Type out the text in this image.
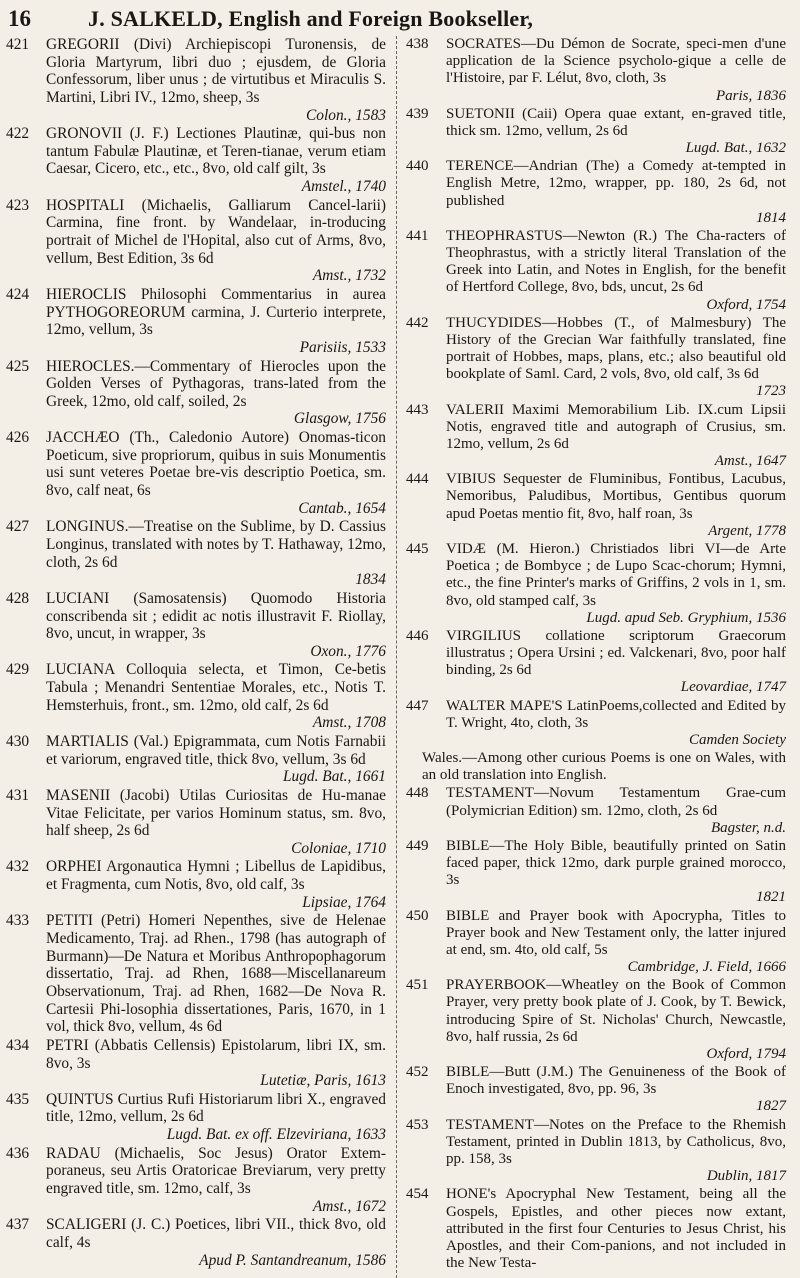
16	J. SALKELD, English and Foreign Bookseller,
421	GREGORII (Divi) Archiepiscopi Turonensis, de Gloria Martyrum, libri duo ; ejusdem, de Gloria Confessorum, liber unus ; de virtutibus et Miraculis S. Martini, Libri IV., 12mo, sheep, 3s
Colon., 1583
422	GRONOVII (J. F.) Lectiones Plautinæ, qui-bus non tantum Fabulæ Plautinæ, et Teren-tianae, verum etiam Caesar, Cicero, etc., etc., 8vo, old calf gilt, 3s
Amstel., 1740
423	HOSPITALI (Michaelis, Galliarum Cancel-larii) Carmina, fine front. by Wandelaar, in-troducing portrait of Michel de l'Hopital, also cut of Arms, 8vo, vellum, Best Edition, 3s 6d
Amst., 1732
424	HIEROCLIS Philosophi Commentarius in aurea PYTHOGOREORUM carmina, J. Curterio interprete, 12mo, vellum, 3s
Parisiis, 1533
425	HIEROCLES.—Commentary of Hierocles upon the Golden Verses of Pythagoras, trans-lated from the Greek, 12mo, old calf, soiled, 2s
Glasgow, 1756
426	JACCHÆO (Th., Caledonio Autore) Onomas-ticon Poeticum, sive propriorum, quibus in suis Monumentis usi sunt veteres Poetae bre-vis descriptio Poetica, sm. 8vo, calf neat, 6s
Cantab., 1654
427	LONGINUS.—Treatise on the Sublime, by D. Cassius Longinus, translated with notes by T. Hathaway, 12mo, cloth, 2s 6d
1834
428	LUCIANI (Samosatensis) Quomodo Historia conscribenda sit ; edidit ac notis illustravit F. Riollay, 8vo, uncut, in wrapper, 3s
Oxon., 1776
429	LUCIANA Colloquia selecta, et Timon, Ce-betis Tabula ; Menandri Sententiae Morales, etc., Notis T. Hemsterhuis, front., sm. 12mo, old calf, 2s 6d
Amst., 1708
430	MARTIALIS (Val.) Epigrammata, cum Notis Farnabii et variorum, engraved title, thick 8vo, vellum, 3s 6d
Lugd. Bat., 1661
431	MASENII (Jacobi) Utilas Curiositas de Hu-manae Vitae Felicitate, per varios Hominum status, sm. 8vo, half sheep, 2s 6d
Coloniae, 1710
432	ORPHEI Argonautica Hymni ; Libellus de Lapidibus, et Fragmenta, cum Notis, 8vo, old calf, 3s
Lipsiae, 1764
433	PETITI (Petri) Homeri Nepenthes, sive de Helenae Medicamento, Traj. ad Rhen., 1798 (has autograph of Burmann)—De Natura et Moribus Anthropophagorum dissertatio, Traj. ad Rhen, 1688—Miscellanareum Observationum, Traj. ad Rhen, 1682—De Nova R. Cartesii Phi-losophia dissertationes, Paris, 1670, in 1 vol, thick 8vo, vellum, 4s 6d
434	PETRI (Abbatis Cellensis) Epistolarum, libri IX, sm. 8vo, 3s
Lutetiæ, Paris, 1613
435	QUINTUS Curtius Rufi Historiarum libri X., engraved title, 12mo, vellum, 2s 6d
Lugd. Bat. ex off. Elzeviriana, 1633
436	RADAU (Michaelis, Soc Jesus) Orator Extem-poraneus, seu Artis Oratoricae Breviarum, very pretty engraved title, sm. 12mo, calf, 3s
Amst., 1672
437	SCALIGERI (J. C.) Poetices, libri VII., thick 8vo, old calf, 4s
Apud P. Santandreanum, 1586
438	SOCRATES—Du Démon de Socrate, speci-men d'une application de la Science psycholo-gique a celle de l'Histoire, par F. Lélut, 8vo, cloth, 3s
Paris, 1836
439	SUETONII (Caii) Opera quae extant, en-graved title, thick sm. 12mo, vellum, 2s 6d
Lugd. Bat., 1632
440	TERENCE—Andrian (The) a Comedy at-tempted in English Metre, 12mo, wrapper, pp. 180, 2s 6d, not published
1814
441	THEOPHRASTUS—Newton (R.) The Cha-racters of Theophrastus, with a strictly literal Translation of the Greek into Latin, and Notes in English, for the benefit of Hertford College, 8vo, bds, uncut, 2s 6d
Oxford, 1754
442	THUCYDIDES—Hobbes (T., of Malmesbury) The History of the Grecian War faithfully translated, fine portrait of Hobbes, maps, plans, etc.; also beautiful old bookplate of Saml. Card, 2 vols, 8vo, old calf, 3s 6d
1723
443	VALERII Maximi Memorabilium Lib. IX.cum Lipsii Notis, engraved title and autograph of Crusius, sm. 12mo, vellum, 2s 6d
Amst., 1647
444	VIBIUS Sequester de Fluminibus, Fontibus, Lacubus, Nemoribus, Paludibus, Mortibus, Gentibus quorum apud Poetas mentio fit, 8vo, half roan, 3s
Argent, 1778
445	VIDÆ (M. Hieron.) Christiados libri VI—de Arte Poetica ; de Bombyce ; de Lupo Scac-chorum; Hymni, etc., the fine Printer's marks of Griffins, 2 vols in 1, sm. 8vo, old stamped calf, 3s
Lugd. apud Seb. Gryphium, 1536
446	VIRGILIUS collatione scriptorum Graecorum illustratus ; Opera Ursini ; ed. Valckenari, 8vo, poor half binding, 2s 6d
Leovardiae, 1747
447	WALTER MAPE'S LatinPoems,collected and Edited by T. Wright, 4to, cloth, 3s
Camden Society
Wales.—Among other curious Poems is one on Wales, with an old translation into English.
448	TESTAMENT—Novum Testamentum Grae-cum (Polymicrian Edition) sm. 12mo, cloth, 2s 6d
Bagster, n.d.
449	BIBLE—The Holy Bible, beautifully printed on Satin faced paper, thick 12mo, dark purple grained morocco, 3s
1821
450	BIBLE and Prayer book with Apocrypha, Titles to Prayer book and New Testament only, the latter injured at end, sm. 4to, old calf, 5s
Cambridge, J. Field, 1666
451	PRAYERBOOK—Wheatley on the Book of Common Prayer, very pretty book plate of J. Cook, by T. Bewick, introducing Spire of St. Nicholas' Church, Newcastle, 8vo, half russia, 2s 6d
Oxford, 1794
452	BIBLE—Butt (J.M.) The Genuineness of the Book of Enoch investigated, 8vo, pp. 96, 3s
1827
453	TESTAMENT—Notes on the Preface to the Rhemish Testament, printed in Dublin 1813, by Catholicus, 8vo, pp. 158, 3s
Dublin, 1817
454	HONE's Apocryphal New Testament, being all the Gospels, Epistles, and other pieces now extant, attributed in the first four Centuries to Jesus Christ, his Apostles, and their Com-panions, and not included in the New Testa-
